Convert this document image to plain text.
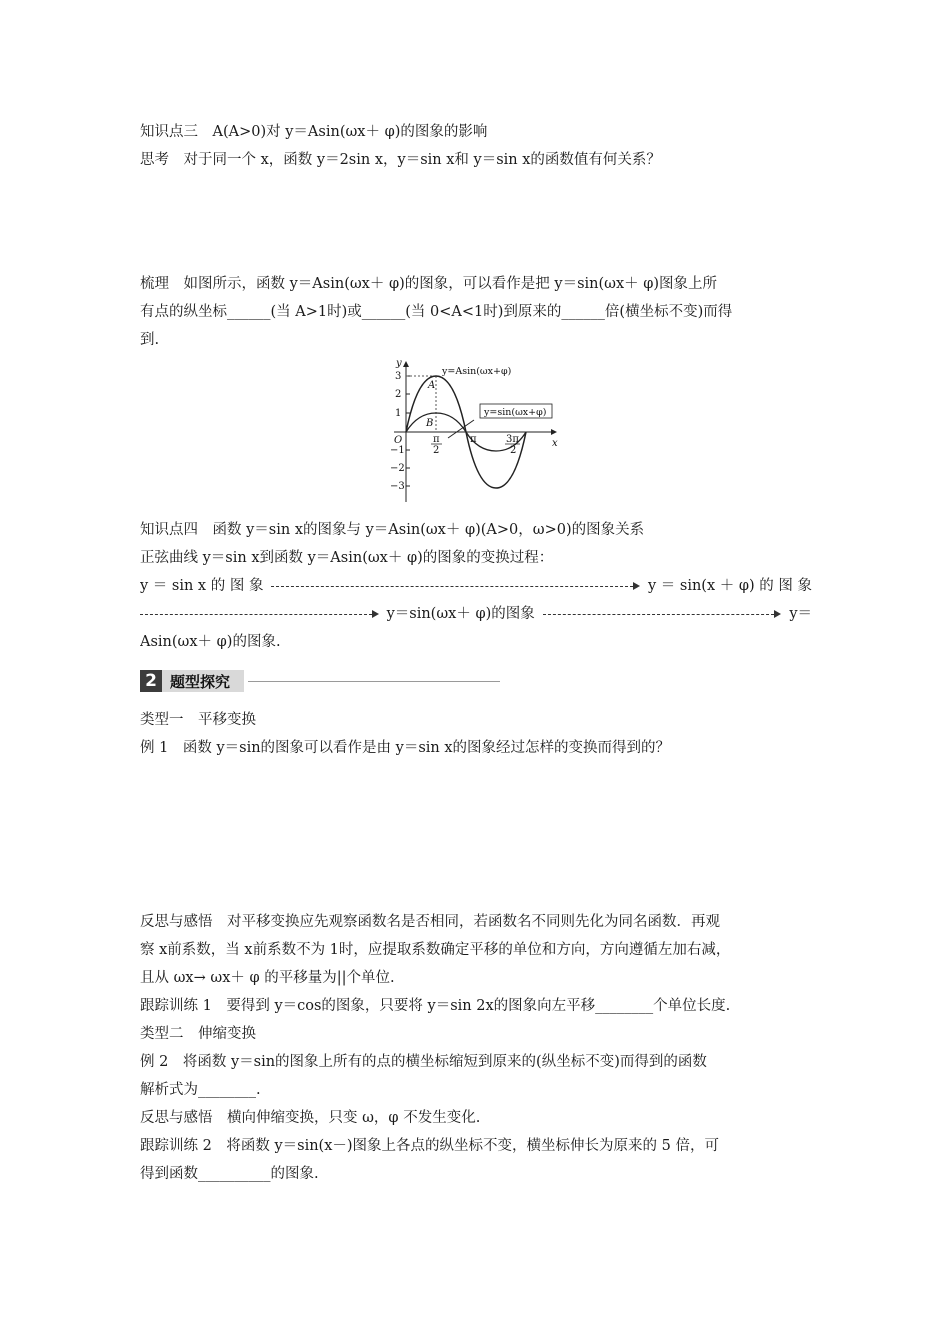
知识点三　A(A>0)对 y＝Asin(ωx＋ φ)的图象的影响
思考　对于同一个 x，函数 y＝2sin x，y＝sin x和 y＝sin x的函数值有何关系？
梳理　如图所示，函数 y＝Asin(ωx＋ φ)的图象，可以看作是把 y＝sin(ωx＋ φ)图象上所
有点的纵坐标______(当 A>1时)或______(当 0<A<1时)到原来的______倍(横坐标不变)而得
到.
y
x
O
3
2
1
−1
−2
−3
π
2
π	3π
2
A
B
y=Asin(ωx+φ)
y=sin(ωx+φ)
知识点四　函数 y＝sin x的图象与 y＝Asin(ωx＋ φ)(A>0，ω>0)的图象关系
正弦曲线 y＝sin x到函数 y＝Asin(ωx＋ φ)的图象的变换过程：
y ＝ sin x 的 图 象	y ＝ sin(x ＋ φ) 的 图 象
y＝sin(ωx＋ φ)的图象	y＝
Asin(ωx＋ φ)的图象.
2 题型探究
类型一　平移变换
例 1　函数 y＝sin的图象可以看作是由 y＝sin x的图象经过怎样的变换而得到的？
反思与感悟　对平移变换应先观察函数名是否相同，若函数名不同则先化为同名函数．再观
察 x前系数，当 x前系数不为 1时，应提取系数确定平移的单位和方向，方向遵循左加右减，
且从 ωx→ ωx＋ φ 的平移量为||个单位.
跟踪训练 1　要得到 y＝cos的图象，只要将 y＝sin 2x的图象向左平移________个单位长度.
类型二　伸缩变换
例 2　将函数 y＝sin的图象上所有的点的横坐标缩短到原来的(纵坐标不变)而得到的函数
解析式为________.
反思与感悟　横向伸缩变换，只变 ω，φ 不发生变化.
跟踪训练 2　将函数 y＝sin(x－)图象上各点的纵坐标不变，横坐标伸长为原来的 5 倍，可
得到函数__________的图象.
